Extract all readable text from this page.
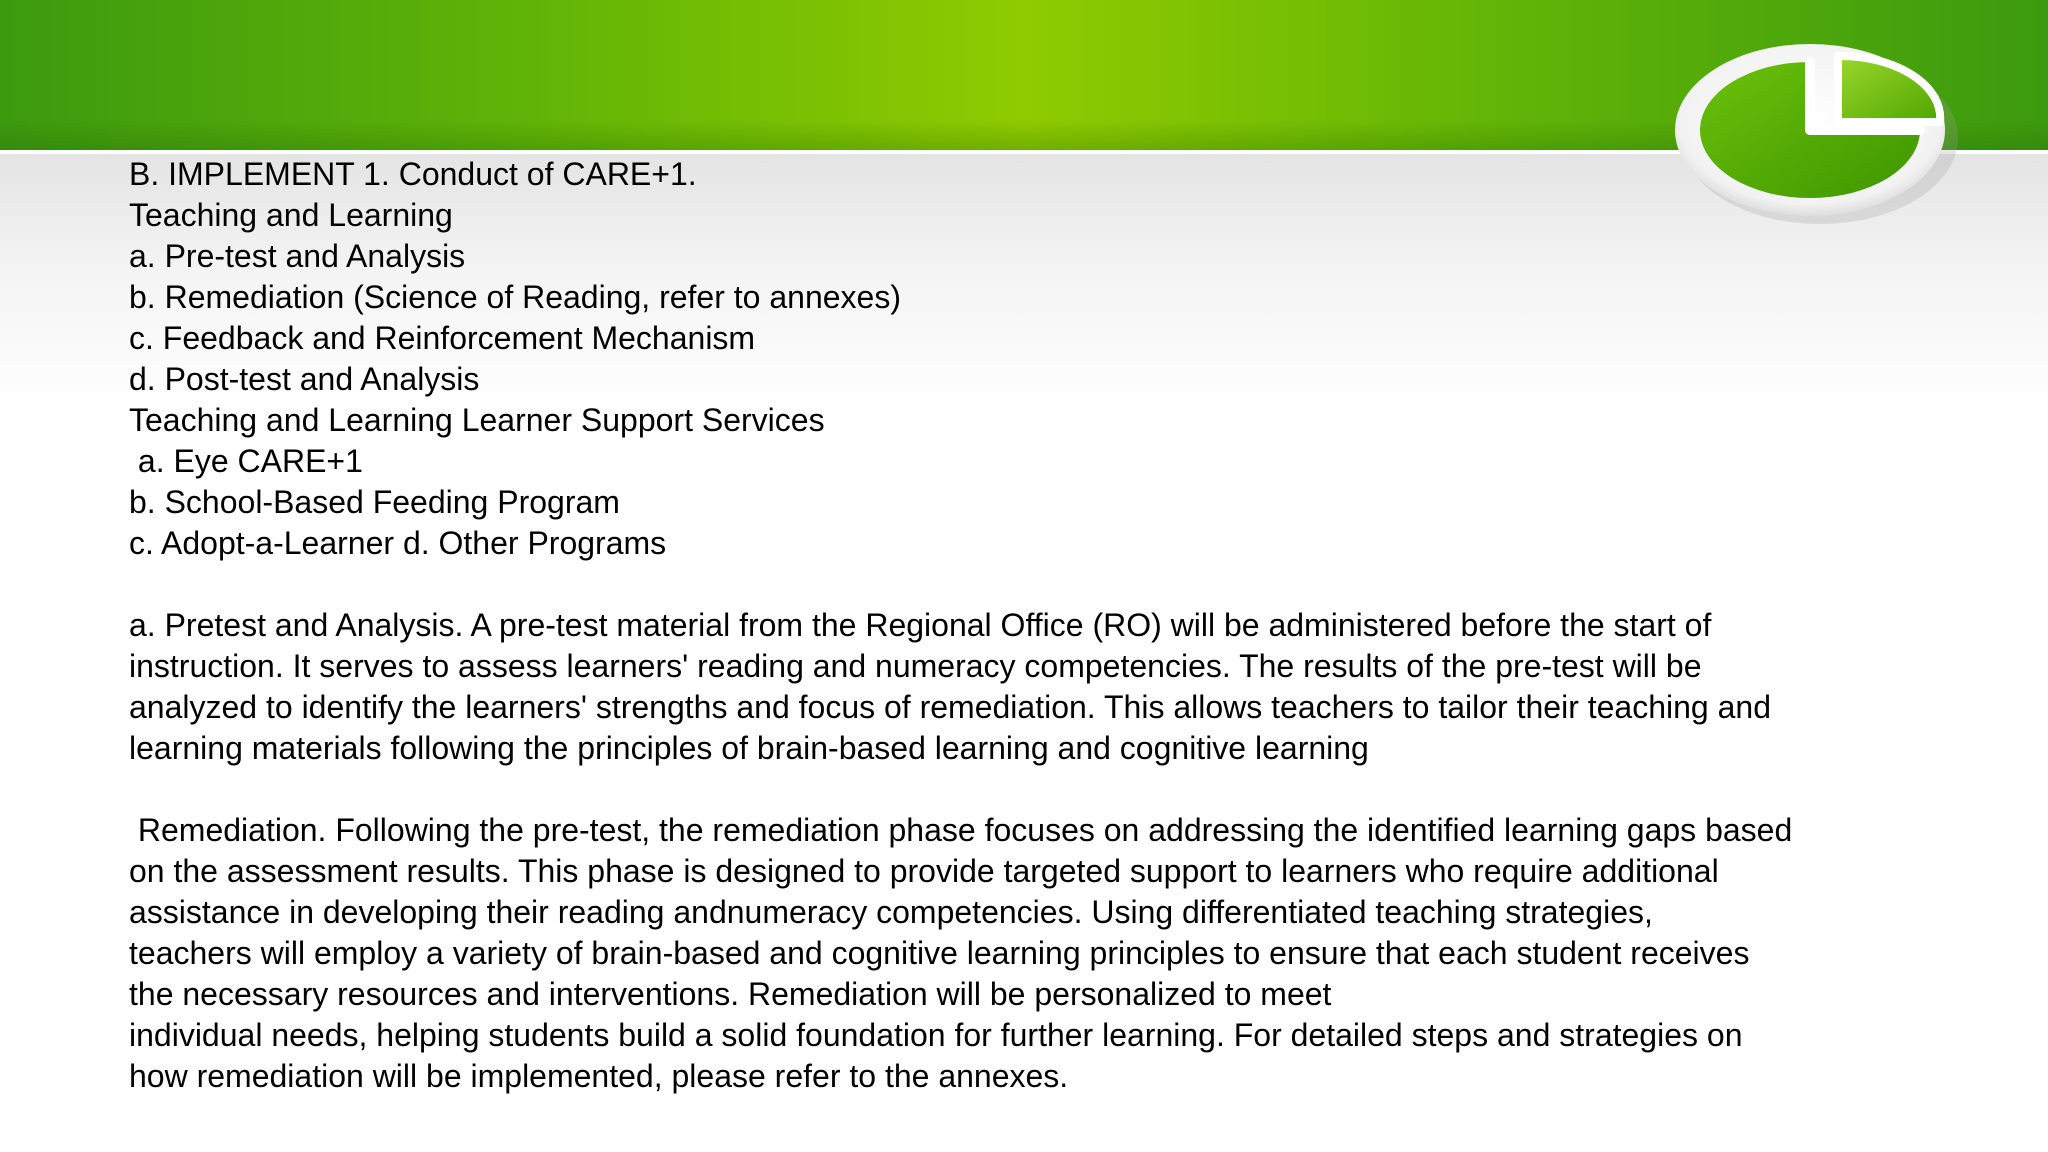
B. IMPLEMENT 1. Conduct of CARE+1.
Teaching and Learning
a. Pre-test and Analysis
b. Remediation (Science of Reading, refer to annexes)
c. Feedback and Reinforcement Mechanism
d. Post-test and Analysis
Teaching and Learning Learner Support Services
a. Eye CARE+1
b. School-Based Feeding Program
c. Adopt-a-Learner d. Other Programs
a. Pretest and Analysis. A pre-test material from the Regional Office (RO) will be administered before the start of
instruction. It serves to assess learners' reading and numeracy competencies. The results of the pre-test will be
analyzed to identify the learners' strengths and focus of remediation. This allows teachers to tailor their teaching and
learning materials following the principles of brain-based learning and cognitive learning
Remediation. Following the pre-test, the remediation phase focuses on addressing the identified learning gaps based
on the assessment results. This phase is designed to provide targeted support to learners who require additional
assistance in developing their reading andnumeracy competencies. Using differentiated teaching strategies,
teachers will employ a variety of brain-based and cognitive learning principles to ensure that each student receives
the necessary resources and interventions. Remediation will be personalized to meet
individual needs, helping students build a solid foundation for further learning. For detailed steps and strategies on
how remediation will be implemented, please refer to the annexes.
